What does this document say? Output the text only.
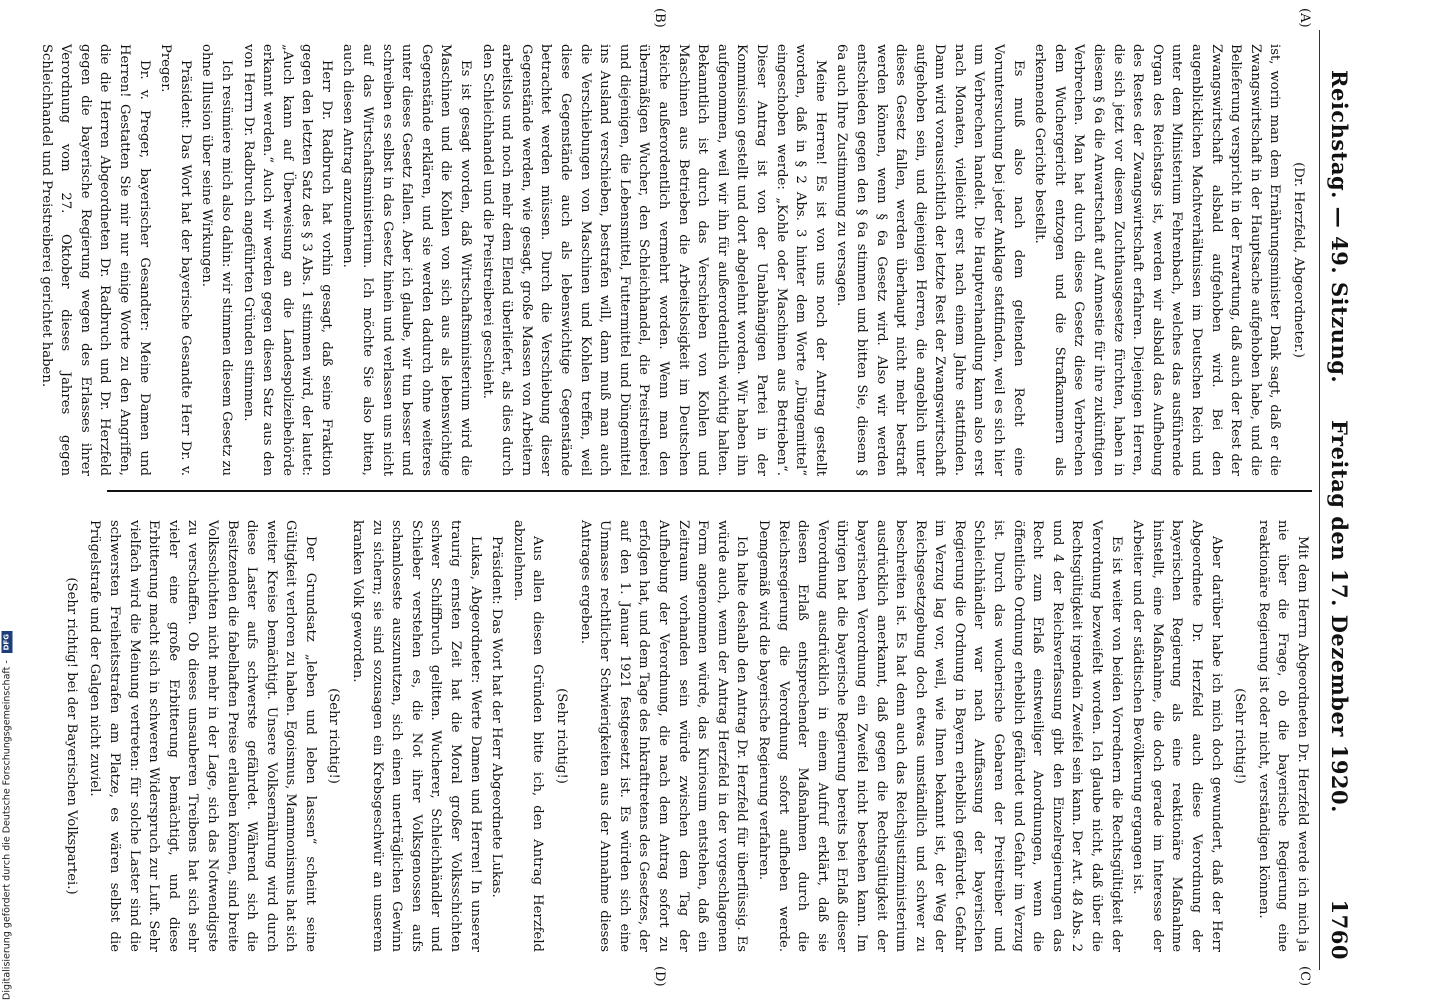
Reichstag. — 49. Sitzung.
Freitag den 17. Dezember 1920.
1760
(A)
(B)
(C)
(D)

(Dr. Herzfeld, Abgeordneter.)

ist, worin man dem Ernährungsminister Dank sagt, daß er die Zwangswirtschaft in der Hauptsache aufgehoben habe, und die Belieferung verspricht in der Erwartung, daß auch der Rest der Zwangswirtschaft alsbald aufgehoben wird. Bei den augenblicklichen Machtverhältnissen im Deutschen Reich und unter dem Ministerium Fehrenbach, welches das ausführende Organ des Reichstags ist, werden wir alsbald das Aufhebung des Restes der Zwangswirtschaft erfahren. Diejenigen Herren, die sich jetzt vor diesem Zuchthausgesetze fürchten, haben in diesem § 6a die Anwartschaft auf Amnestie für ihre zukünftigen Verbrechen. Man hat durch dieses Gesetz diese Verbrechen dem Wuchergericht entzogen und die Strafkammern als erkennende Gerichte bestellt.

Es muß also nach dem geltenden Recht eine Voruntersuchung bei jeder Anklage stattfinden, weil es sich hier um Verbrechen handelt. Die Hauptverhandlung kann also erst nach Monaten, vielleicht erst nach einem Jahre stattfinden. Dann wird voraussichtlich der letzte Rest der Zwangswirtschaft aufgehoben sein, und diejenigen Herren, die angeblich unter dieses Gesetz fallen, werden überhaupt nicht mehr bestraft werden können, wenn § 6a Gesetz wird. Also wir werden entschieden gegen den § 6a stimmen und bitten Sie, diesem § 6a auch Ihre Zustimmung zu versagen.

Meine Herren! Es ist von uns noch der Antrag gestellt worden, daß in § 2 Abs. 3 hinter dem Worte „Düngemittel“ eingeschoben werde: „Kohle oder Maschinen aus Betrieben“. Dieser Antrag ist von der Unabhängigen Partei in der Kommission gestellt und dort abgelehnt worden. Wir haben ihn aufgenommen, weil wir ihn für außerordentlich wichtig halten. Bekanntlich ist durch das Verschieben von Kohlen und Maschinen aus Betrieben die Arbeitslosigkeit im Deutschen Reiche außerordentlich vermehrt worden. Wenn man den übermäßigen Wucher, den Schleichhandel, die Preistreiberei und diejenigen, die Lebensmittel, Futtermittel und Düngemittel ins Ausland verschieben, bestrafen will, dann muß man auch die Verschiebungen von Maschinen und Kohlen treffen, weil diese Gegenstände auch als lebenswichtige Gegenstände betrachtet werden müssen. Durch die Verschiebung dieser Gegenstände werden, wie gesagt, große Massen von Arbeitern arbeitslos und noch mehr dem Elend überliefert, als dies durch den Schleichhandel und die Preistreiberei geschieht.

Es ist gesagt worden, daß Wirtschaftsministerium wird die Maschinen und die Kohlen von sich aus als lebenswichtige Gegenstände erklären, und sie werden dadurch ohne weiteres unter dieses Gesetz fallen. Aber ich glaube, wir tun besser und schreiben es selbst in das Gesetz hinein und verlassen uns nicht auf das Wirtschaftsministerium. Ich möchte Sie also bitten, auch diesen Antrag anzunehmen.

Herr Dr. Radbruch hat vorhin gesagt, daß seine Fraktion gegen den letzten Satz des § 3 Abs. 1 stimmen wird, der lautet: „Auch kann auf Überweisung an die Landespolizeibehörde erkannt werden.“ Auch wir werden gegen diesen Satz aus den von Herrn Dr. Radbruch angeführten Gründen stimmen.

Ich resümiere mich also dahin: wir stimmen diesem Gesetz zu ohne Illusion über seine Wirkungen.

Präsident: Das Wort hat der bayerische Gesandte Herr Dr. v. Preger.

Dr. v. Preger, bayerischer Gesandter: Meine Damen und Herren! Gestatten Sie mir nur einige Worte zu den Angriffen, die die Herren Abgeordneten Dr. Radbruch und Dr. Herzfeld gegen die bayerische Regierung wegen des Erlasses ihrer Verordnung vom 27. Oktober dieses Jahres gegen Schleichhandel und Preistreiberei gerichtet haben.

Mit dem Herrn Abgeordneten Dr. Herzfeld werde ich mich ja nie über die Frage, ob die bayerische Regierung eine reaktionäre Regierung ist oder nicht, verständigen können.

(Sehr richtig!)

Aber darüber habe ich mich doch gewundert, daß der Herr Abgeordnete Dr. Herzfeld auch diese Verordnung der bayerischen Regierung als eine reaktionäre Maßnahme hinstellt, eine Maßnahme, die doch gerade im Interesse der Arbeiter und der städtischen Bevölkerung ergangen ist.

Es ist weiter von beiden Vorrednern die Rechtsgültigkeit der Verordnung bezweifelt worden. Ich glaube nicht, daß über die Rechtsgültigkeit irgendein Zweifel sein kann. Der Art. 48 Abs. 2 und 4 der Reichsverfassung gibt den Einzelregierungen das Recht zum Erlaß einstweiliger Anordnungen, wenn die öffentliche Ordnung erheblich gefährdet und Gefahr im Verzug ist. Durch das wucherische Gebaren der Preistreiber und Schleichhändler war nach Auffassung der bayerischen Regierung die Ordnung in Bayern erheblich gefährdet. Gefahr im Verzug lag vor, weil, wie Ihnen bekannt ist, der Weg der Reichsgesetzgebung doch etwas umständlich und schwer zu beschreiten ist. Es hat denn auch das Reichsjustizministerium ausdrücklich anerkannt, daß gegen die Rechtsgültigkeit der bayerischen Verordnung ein Zweifel nicht bestehen kann. Im übrigen hat die bayerische Regierung bereits bei Erlaß dieser Verordnung ausdrücklich in einem Aufruf erklärt, daß sie diesen Erlaß entsprechender Maßnahmen durch die Reichsregierung die Verordnung sofort aufheben werde. Demgemäß wird die bayerische Regierung verfahren.

Ich halte deshalb den Antrag Dr. Herzfeld für überflüssig. Es würde auch, wenn der Antrag Herzfeld in der vorgeschlagenen Form angenommen würde, das Kuriosum entstehen, daß ein Zeitraum vorhanden sein würde zwischen dem Tag der Aufhebung der Verordnung, die nach dem Antrag sofort zu erfolgen hat, und dem Tage des Inkrafttretens des Gesetzes, der auf den 1. Januar 1921 festgesetzt ist. Es würden sich eine Unmasse rechtlicher Schwierigkeiten aus der Annahme dieses Antrages ergeben.

(Sehr richtig!)

Aus allen diesen Gründen bitte ich, den Antrag Herzfeld abzulehnen.

Präsident: Das Wort hat der Herr Abgeordnete Lukas.

Lukas, Abgeordneter: Werte Damen und Herren! In unserer traurig ernsten Zeit hat die Moral großer Volksschichten schwer Schiffbruch gelitten. Wucherer, Schleichhändler und Schieber verstehen es, die Not ihrer Volksgenossen aufs schamloseste auszunutzen, sich einen unerträglichen Gewinn zu sichern; sie sind sozusagen ein Krebsgeschwür an unserem kranken Volk geworden.

(Sehr richtig!)

Der Grundsatz „leben und leben lassen“ scheint seine Gültigkeit verloren zu haben. Egoismus, Mammonismus hat sich weiter Kreise bemächtigt. Unsere Volksernährung wird durch diese Laster aufs schwerste gefährdet. Während sich die Besitzenden die fabelhaften Preise erlauben können, sind breite Volksschichten nicht mehr in der Lage, sich das Notwendigste zu verschaffen. Ob dieses unsauberen Treibens hat sich sehr vieler eine große Erbitterung bemächtigt, und diese Erbitterung macht sich in schweren Widerspruch zur Luft. Sehr vielfach wird die Meinung vertreten: für solche Laster sind die schwersten Freiheitsstrafen am Platze, es wären selbst die Prügelstrafe und der Galgen nicht zuviel.

(Sehr richtig! bei der Bayerischen Volkspartei.)

Digitalisierung gefördert durch die Deutsche Forschungsgemeinschaft - DFG
